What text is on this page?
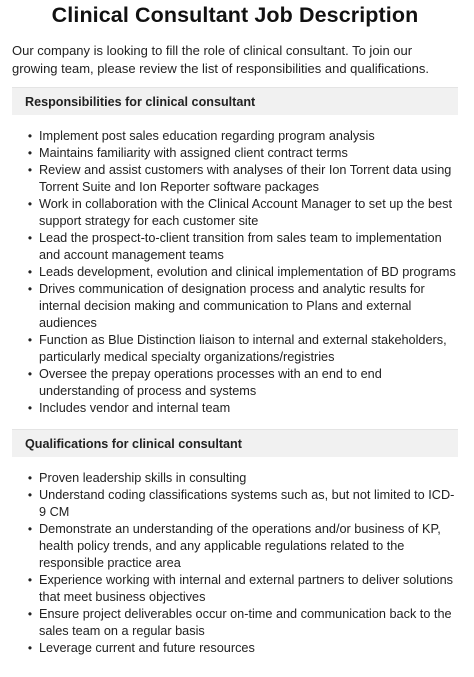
Clinical Consultant Job Description

Our company is looking to fill the role of clinical consultant. To join our growing team, please review the list of responsibilities and qualifications.

Responsibilities for clinical consultant
• Implement post sales education regarding program analysis
• Maintains familiarity with assigned client contract terms
• Review and assist customers with analyses of their Ion Torrent data using Torrent Suite and Ion Reporter software packages
• Work in collaboration with the Clinical Account Manager to set up the best support strategy for each customer site
• Lead the prospect-to-client transition from sales team to implementation and account management teams
• Leads development, evolution and clinical implementation of BD programs
• Drives communication of designation process and analytic results for internal decision making and communication to Plans and external audiences
• Function as Blue Distinction liaison to internal and external stakeholders, particularly medical specialty organizations/registries
• Oversee the prepay operations processes with an end to end understanding of process and systems
• Includes vendor and internal team
Qualifications for clinical consultant
• Proven leadership skills in consulting
• Understand coding classifications systems such as, but not limited to ICD-9 CM
• Demonstrate an understanding of the operations and/or business of KP, health policy trends, and any applicable regulations related to the responsible practice area
• Experience working with internal and external partners to deliver solutions that meet business objectives
• Ensure project deliverables occur on-time and communication back to the sales team on a regular basis
• Leverage current and future resources
